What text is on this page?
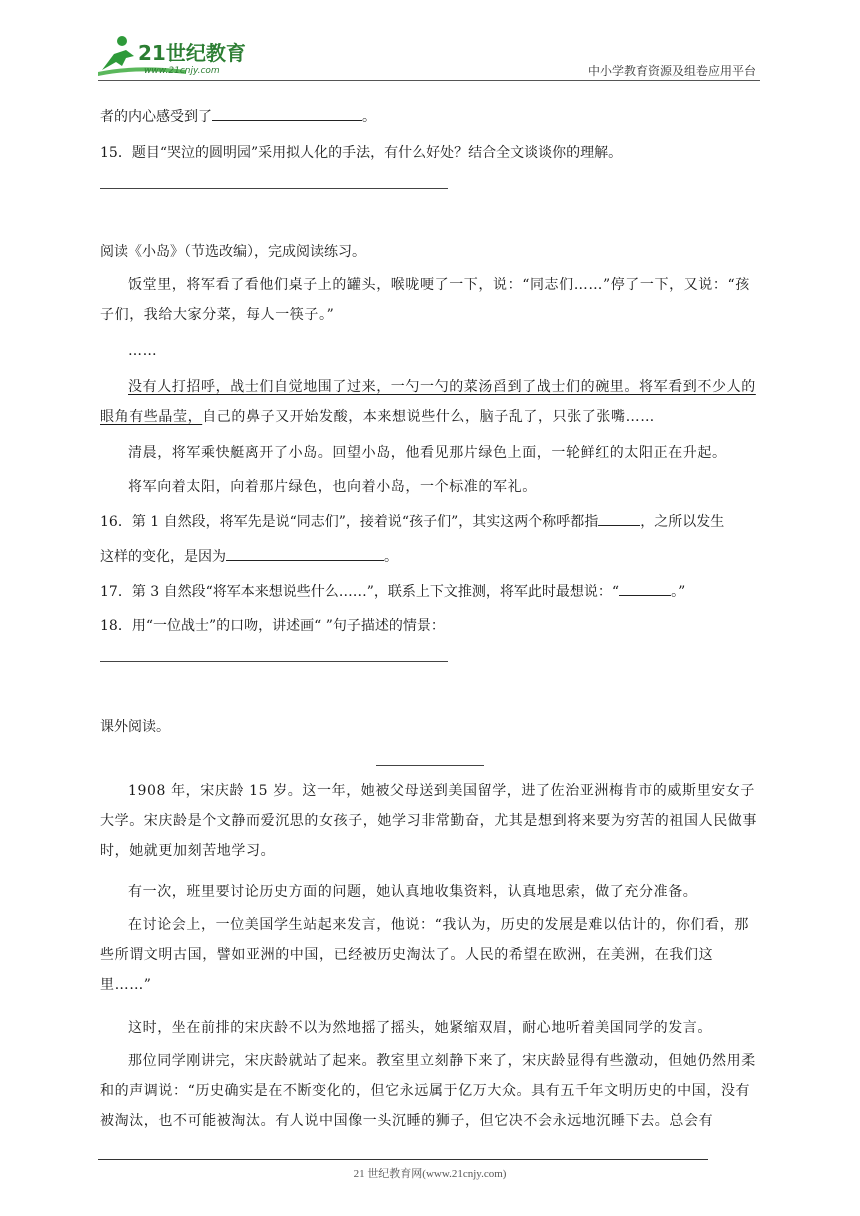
21世纪教育
www.21cnjy.com	中小学教育资源及组卷应用平台
者的内心感受到了	。
15．题目“哭泣的圆明园”采用拟人化的手法，有什么好处？结合全文谈谈你的理解。
阅读《小岛》（节选改编），完成阅读练习。
饭堂里，将军看了看他们桌子上的罐头，喉咙哽了一下，说：“同志们……”停了一下，又说：“孩子们，我给大家分菜，每人一筷子。”
……
没有人打招呼，战士们自觉地围了过来，一勺一勺的菜汤舀到了战士们的碗里。将军看到不少人的眼角有些晶莹，自己的鼻子又开始发酸，本来想说些什么，脑子乱了，只张了张嘴……
清晨，将军乘快艇离开了小岛。回望小岛，他看见那片绿色上面，一轮鲜红的太阳正在升起。
将军向着太阳，向着那片绿色，也向着小岛，一个标准的军礼。
16．第 1 自然段，将军先是说“同志们”，接着说“孩子们”，其实这两个称呼都指	，之所以发生
这样的变化，是因为	。
17．第 3 自然段“将军本来想说些什么……”，联系上下文推测，将军此时最想说：“	。”
18．用“一位战士”的口吻，讲述画“ ”句子描述的情景：
课外阅读。
1908 年，宋庆龄 15 岁。这一年，她被父母送到美国留学，进了佐治亚洲梅肯市的威斯里安女子大学。宋庆龄是个文静而爱沉思的女孩子，她学习非常勤奋，尤其是想到将来要为穷苦的祖国人民做事时，她就更加刻苦地学习。
有一次，班里要讨论历史方面的问题，她认真地收集资料，认真地思索，做了充分准备。
在讨论会上，一位美国学生站起来发言，他说：“我认为，历史的发展是难以估计的，你们看，那些所谓文明古国，譬如亚洲的中国，已经被历史淘汰了。人民的希望在欧洲，在美洲，在我们这里……”
这时，坐在前排的宋庆龄不以为然地摇了摇头，她紧缩双眉，耐心地听着美国同学的发言。
那位同学刚讲完，宋庆龄就站了起来。教室里立刻静下来了，宋庆龄显得有些激动，但她仍然用柔和的声调说：“历史确实是在不断变化的，但它永远属于亿万大众。具有五千年文明历史的中国，没有被淘汰，也不可能被淘汰。有人说中国像一头沉睡的狮子，但它决不会永远地沉睡下去。总会有
21 世纪教育网(www.21cnjy.com)
